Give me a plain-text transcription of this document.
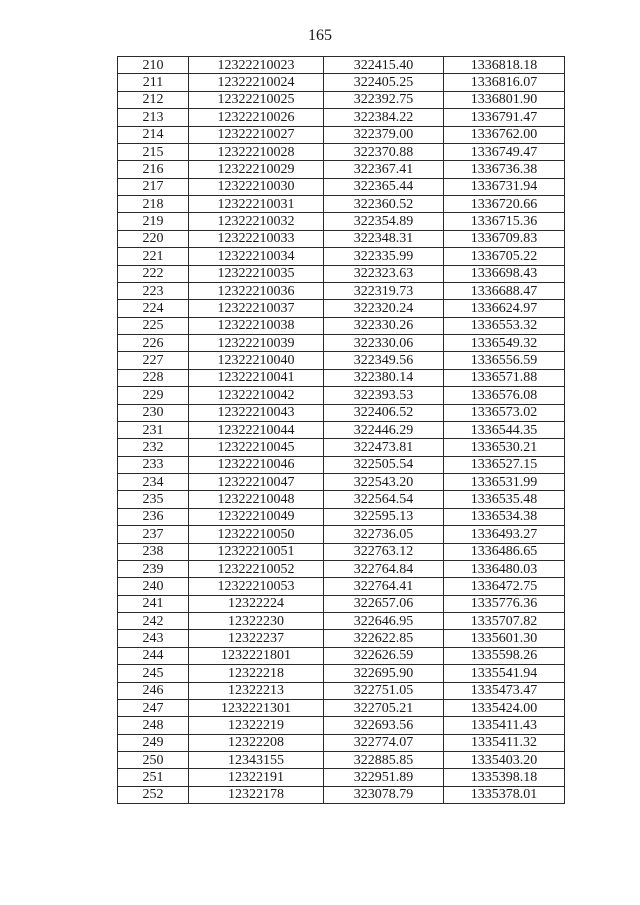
165
210	12322210023	322415.40	1336818.18
211	12322210024	322405.25	1336816.07
212	12322210025	322392.75	1336801.90
213	12322210026	322384.22	1336791.47
214	12322210027	322379.00	1336762.00
215	12322210028	322370.88	1336749.47
216	12322210029	322367.41	1336736.38
217	12322210030	322365.44	1336731.94
218	12322210031	322360.52	1336720.66
219	12322210032	322354.89	1336715.36
220	12322210033	322348.31	1336709.83
221	12322210034	322335.99	1336705.22
222	12322210035	322323.63	1336698.43
223	12322210036	322319.73	1336688.47
224	12322210037	322320.24	1336624.97
225	12322210038	322330.26	1336553.32
226	12322210039	322330.06	1336549.32
227	12322210040	322349.56	1336556.59
228	12322210041	322380.14	1336571.88
229	12322210042	322393.53	1336576.08
230	12322210043	322406.52	1336573.02
231	12322210044	322446.29	1336544.35
232	12322210045	322473.81	1336530.21
233	12322210046	322505.54	1336527.15
234	12322210047	322543.20	1336531.99
235	12322210048	322564.54	1336535.48
236	12322210049	322595.13	1336534.38
237	12322210050	322736.05	1336493.27
238	12322210051	322763.12	1336486.65
239	12322210052	322764.84	1336480.03
240	12322210053	322764.41	1336472.75
241	12322224	322657.06	1335776.36
242	12322230	322646.95	1335707.82
243	12322237	322622.85	1335601.30
244	1232221801	322626.59	1335598.26
245	12322218	322695.90	1335541.94
246	12322213	322751.05	1335473.47
247	1232221301	322705.21	1335424.00
248	12322219	322693.56	1335411.43
249	12322208	322774.07	1335411.32
250	12343155	322885.85	1335403.20
251	12322191	322951.89	1335398.18
252	12322178	323078.79	1335378.01
